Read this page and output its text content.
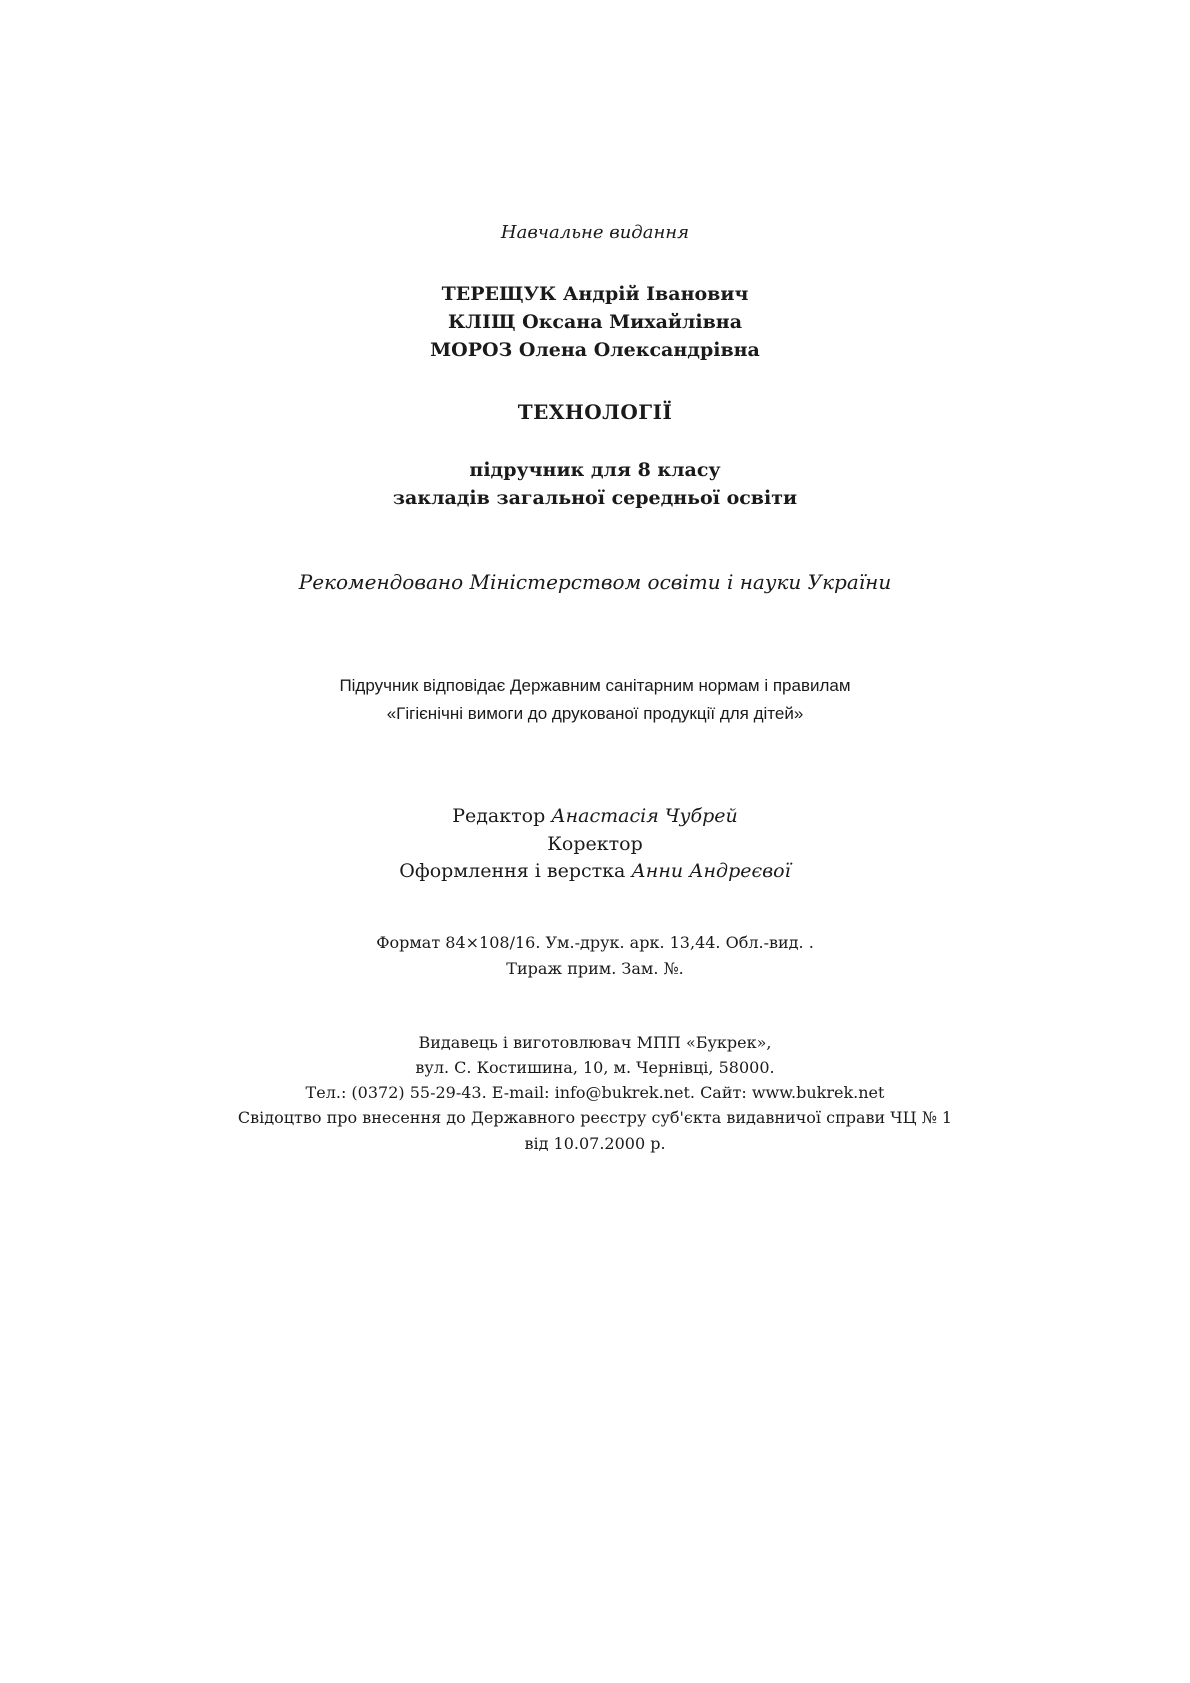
Навчальне видання
ТЕРЕЩУК Андрій Іванович
КЛІЩ Оксана Михайлівна
МОРОЗ Олена Олександрівна
ТЕХНОЛОГІЇ
підручник для 8 класу
закладів загальної середньої освіти
Рекомендовано Міністерством освіти і науки України
Підручник відповідає Державним санітарним нормам і правилам
«Гігієнічні вимоги до друкованої продукції для дітей»
Редактор Анастасія Чубрей
Коректор
Оформлення і верстка Анни Андреєвої
Формат 84×108/16. Ум.-друк. арк. 13,44. Обл.-вид. .
Тираж прим. Зам. №.
Видавець і виготовлювач МПП «Букрек»,
вул. С. Костишина, 10, м. Чернівці, 58000.
Тел.: (0372) 55-29-43. E-mail: info@bukrek.net. Сайт: www.bukrek.net
Свідоцтво про внесення до Державного реєстру суб'єкта видавничої справи ЧЦ № 1
від 10.07.2000 р.
